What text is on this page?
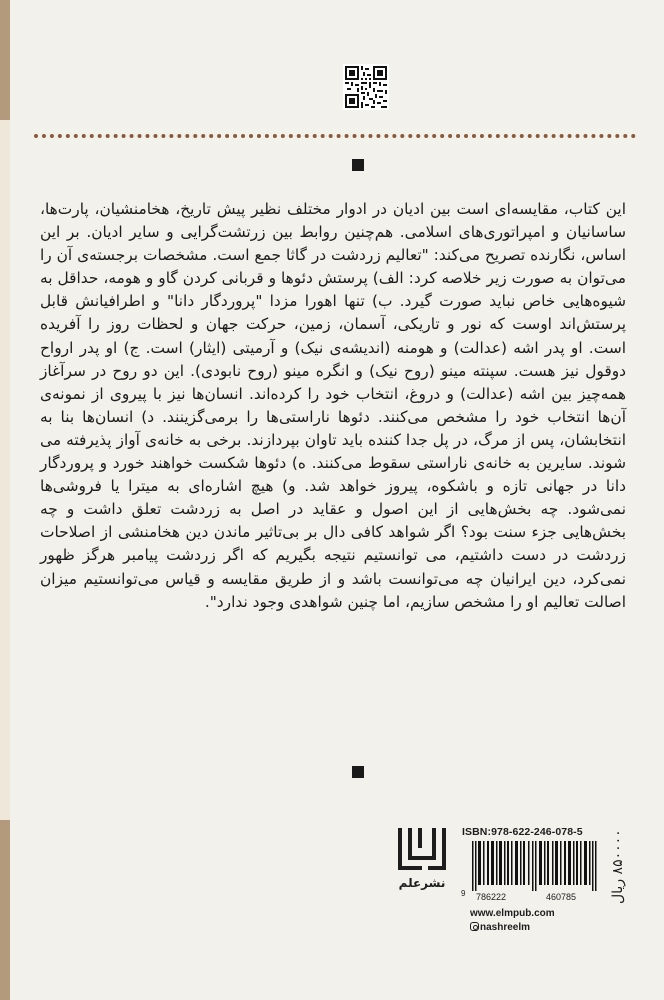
این کتاب، مقایسه‌ای است بین ادیان در ادوار مختلف نظیر پیش تاریخ، هخامنشیان، پارت‌ها، ساسانیان و امپراتوری‌های اسلامی. هم‌چنین روابط بین زرتشت‌گرایی و سایر ادیان. بر این اساس، نگارنده تصریح می‌کند: "تعالیم زردشت در گاثا جمع است. مشخصات برجسته‌ی آن را می‌توان به صورت زیر خلاصه کرد: الف) پرستش دئوها و قربانی کردن گاو و هومه، حداقل به شیوه‌هایی خاص نباید صورت گیرد. ب) تنها اهورا مزدا "پروردگار دانا" و اطرافیانش قابل پرستش‌اند اوست که نور و تاریکی، آسمان، زمین، حرکت جهان و لحظات روز را آفریده است. او پدر اشه (عدالت) و هومنه (اندیشه‌ی نیک) و آرمیتی (ایثار) است. ج) او پدر ارواح دوقول نیز هست. سپنته مینو (روح نیک) و انگره مینو (روح نابودی). این دو روح در سرآغاز همه‌چیز بین اشه (عدالت) و دروغ، انتخاب خود را کرده‌اند. انسان‌ها نیز با پیروی از نمونه‌ی آن‌ها انتخاب خود را مشخص می‌کنند. دئوها ناراستی‌ها را برمی‌گزینند. د) انسان‌ها بنا به انتخابشان، پس از مرگ، در پل جدا کننده باید تاوان بپردازند. برخی به خانه‌ی آواز پذیرفته می شوند. سایرین به خانه‌ی ناراستی سقوط می‌کنند. ه) دئوها شکست خواهند خورد و پروردگار دانا در جهانی تازه و باشکوه، پیروز خواهد شد. و) هیچ اشاره‌ای به میترا یا فروشی‌ها نمی‌شود. چه بخش‌هایی از این اصول و عقاید در اصل به زردشت تعلق داشت و چه بخش‌هایی جزء سنت بود؟ اگر شواهد کافی دال بر بی‌تاثیر ماندن دین هخامنشی از اصلاحات زردشت در دست داشتیم، می توانستیم نتیجه بگیریم که اگر زردشت پیامبر هرگز ظهور نمی‌کرد، دین ایرانیان چه می‌توانست باشد و از طریق مقایسه و قیاس می‌توانستیم میزان اصالت تعالیم او را مشخص سازیم، اما چنین شواهدی وجود ندارد".
نشرعلم
ISBN:978-622-246-078-5
9 786222	460785 ۸۵۰۰۰۰ ریال
www.elmpub.com
nashreelm
